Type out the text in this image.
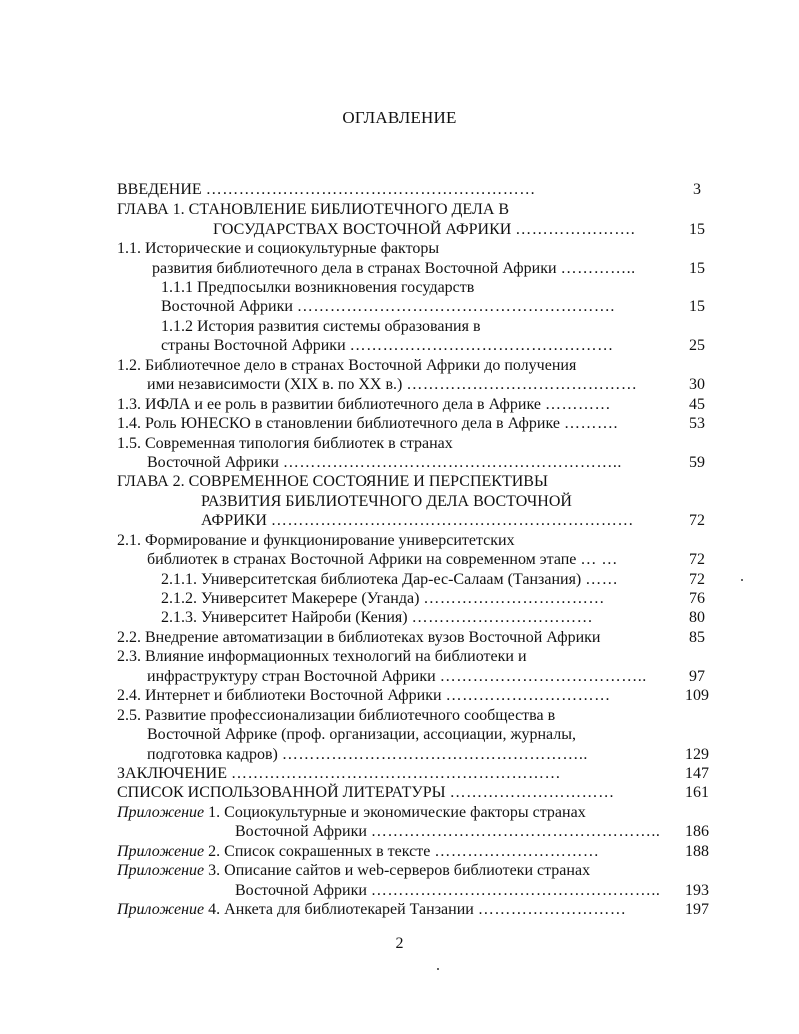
ОГЛАВЛЕНИЕ
ВВЕДЕНИЕ ……………………………………………………	3
ГЛАВА 1. СТАНОВЛЕНИЕ БИБЛИОТЕЧНОГО ДЕЛА В
ГОСУДАРСТВАХ ВОСТОЧНОЙ АФРИКИ ………………….	15
1.1. Исторические и социокультурные факторы
развития библиотечного дела в странах Восточной Африки …………..	15
1.1.1 Предпосылки возникновения государств
Восточной Африки ………………………………………………….	15
1.1.2 История развития системы образования в
страны Восточной Африки …………………………………………	25
1.2. Библиотечное дело в странах Восточной Африки до получения
ими независимости (XIX в. по XX в.) ……………………………………	30
1.3. ИФЛА и ее роль в развитии библиотечного дела в Африке …………	45
1.4. Роль ЮНЕСКО в становлении библиотечного дела в Африке ……….	53
1.5. Современная типология библиотек в странах
Восточной Африки ……………………………………………………..	59
ГЛАВА 2. СОВРЕМЕННОЕ СОСТОЯНИЕ И ПЕРСПЕКТИВЫ
РАЗВИТИЯ БИБЛИОТЕЧНОГО ДЕЛА ВОСТОЧНОЙ
АФРИКИ …………………………………………………………	72
2.1. Формирование и функционирование университетских
библиотек в странах Восточной Африки на современном этапе … …	72
2.1.1. Университетская библиотека Дар-ес-Салаам (Танзания) ……	72
2.1.2. Университет Макерере (Уганда) ……………………………	76
2.1.3. Университет Найроби (Кения) ……………………………	80
2.2. Внедрение автоматизации в библиотеках вузов Восточной Африки	85
2.3. Влияние информационных технологий на библиотеки и
инфраструктуру стран Восточной Африки ………………………………..	97
2.4. Интернет и библиотеки Восточной Африки …………………………	109
2.5. Развитие профессионализации библиотечного сообщества в
Восточной Африке (проф. организации, ассоциации, журналы,
подготовка кадров) ………………………………………………..	129
ЗАКЛЮЧЕНИЕ ……………………………………………………	147
СПИСОК ИСПОЛЬЗОВАННОЙ ЛИТЕРАТУРЫ …………………………	161
Приложение 1. Социокультурные и экономические факторы странах
Восточной Африки ……………………………………………..	186
Приложение 2. Список сокрашенных в тексте …………………………	188
Приложение 3. Описание сайтов и web-серверов библиотеки странах
Восточной Африки ……………………………………………..	193
Приложение 4. Анкета для библиотекарей Танзании ………………………	197
2
